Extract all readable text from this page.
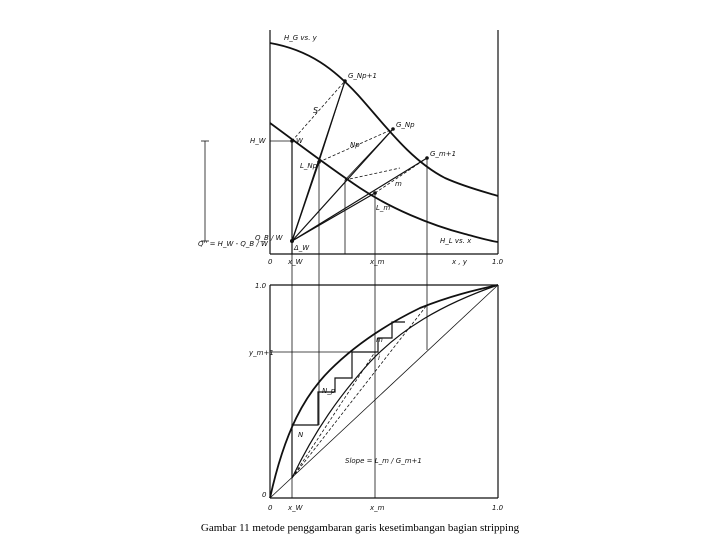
H_G vs. y
H_L vs. x
x , y
0 x_W	x_m	1.0
H_W
Q_B / W
Q'' = H_W - Q_B / W
S
W	Np
m
Δ_W
G_Np+1
G_Np
L_Np
G_m+1
L_m
1.0
0
y_m+1
0 x_W	x_m	1.0
m
i
N_p
N
Slope = L_m / G_m+1
Gambar 11 metode penggambaran garis kesetimbangan bagian stripping
